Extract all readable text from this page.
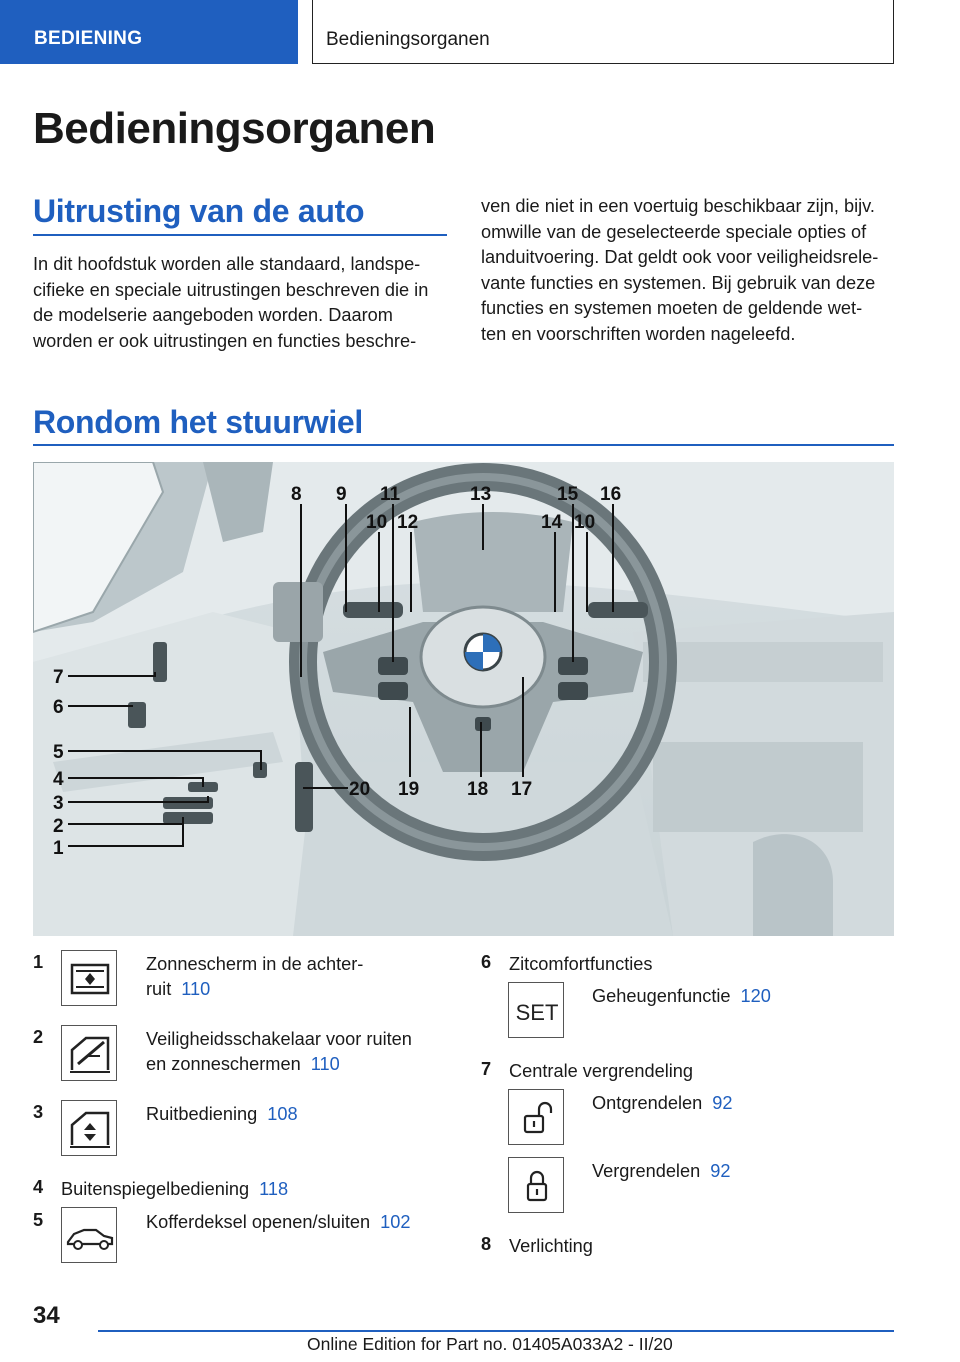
BEDIENING	Bedieningsorganen
Bedieningsorganen
Uitrusting van de auto
In dit hoofdstuk worden alle standaard, landspe-
cifieke en speciale uitrustingen beschreven die in
de modelserie aangeboden worden. Daarom
worden er ook uitrustingen en functies beschre-
ven die niet in een voertuig beschikbaar zijn, bijv.
omwille van de geselecteerde speciale opties of
landuitvoering. Dat geldt ook voor veiligheidsrele-
vante functies en systemen. Bij gebruik van deze
functies en systemen moeten de geldende wet-
ten en voorschriften worden nageleefd.
Rondom het stuurwiel
1
2
3
4
5
6
7
8 9
10
11
12
13
14 10
15 16
17
18
19
20
1	Zonnescherm in de achter-
ruit 110
2	Veiligheidsschakelaar voor ruiten
en zonneschermen 110
3	Ruitbediening 108
4 Buitenspiegelbediening 118
5	Kofferdeksel openen/sluiten 102
6 Zitcomfortfuncties
SET
Geheugenfunctie 120
7 Centrale vergrendeling
Ontgrendelen 92
Vergrendelen 92
8 Verlichting
34
Online Edition for Part no. 01405A033A2 - II/20
